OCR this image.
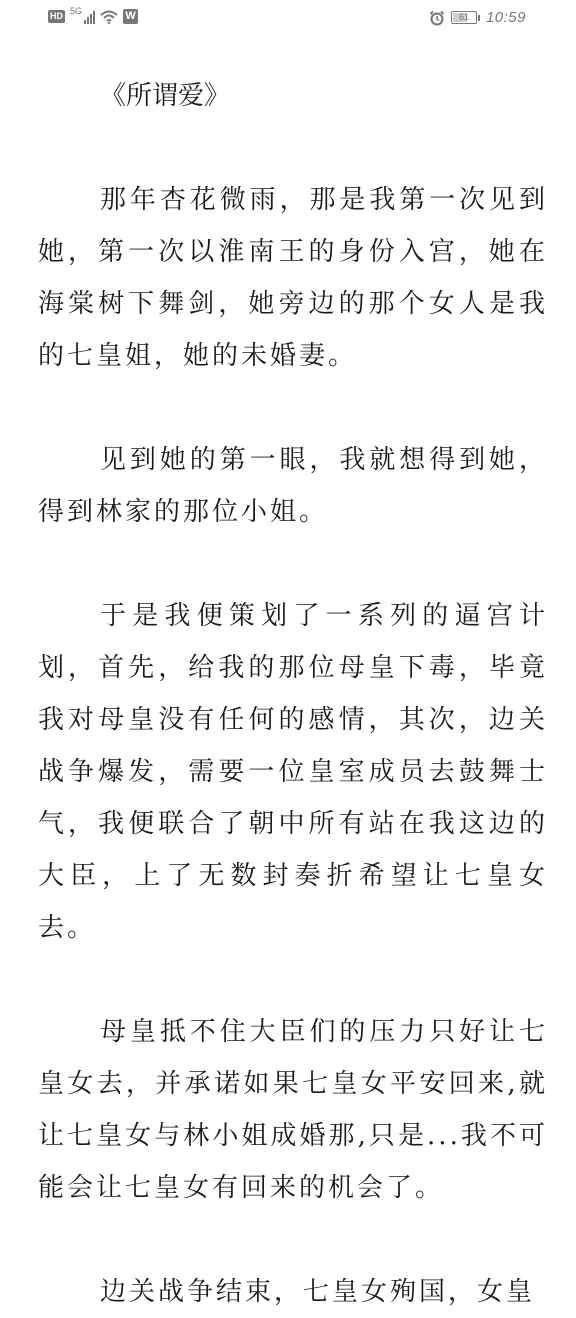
HD
5G	W	61	10:59
《所谓爱》

那年杏花微雨，那是我第一次见到她，第一次以淮南王的身份入宫，她在海棠树下舞剑，她旁边的那个女人是我的七皇姐，她的未婚妻。

见到她的第一眼，我就想得到她，得到林家的那位小姐。

于是我便策划了一系列的逼宫计划，首先，给我的那位母皇下毒，毕竟我对母皇没有任何的感情，其次，边关战争爆发，需要一位皇室成员去鼓舞士气，我便联合了朝中所有站在我这边的大臣，上了无数封奏折希望让七皇女去。

母皇抵不住大臣们的压力只好让七皇女去，并承诺如果七皇女平安回来,就让七皇女与林小姐成婚那,只是...我不可能会让七皇女有回来的机会了。

边关战争结束，七皇女殉国，女皇
